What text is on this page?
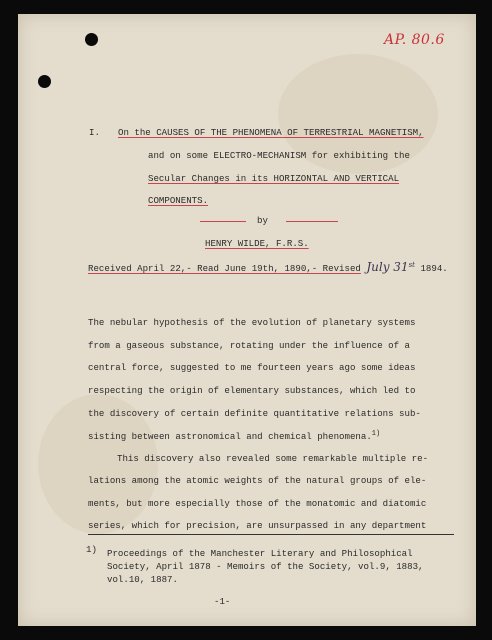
AP. 80.6
I. On the CAUSES OF THE PHENOMENA OF TERRESTRIAL MAGNETISM,
and on some ELECTRO-MECHANISM for exhibiting the
Secular Changes in its HORIZONTAL AND VERTICAL
COMPONENTS.
by
HENRY WILDE, F.R.S.
Received April 22,- Read June 19th, 1890,- Revised July 31st 1894.
The nebular hypothesis of the evolution of planetary systems
from a gaseous substance, rotating under the influence of a
central force, suggested to me fourteen years ago some ideas
respecting the origin of elementary substances, which led to
the discovery of certain definite quantitative relations sub-
sisting between astronomical and chemical phenomena.$^{1)}$
This discovery also revealed some remarkable multiple re-
lations among the atomic weights of the natural groups of ele-
ments, but more especially those of the monatomic and diatomic
series, which for precision, are unsurpassed in any department
1) Proceedings of the Manchester Literary and Philosophical
Society, April 1878 - Memoirs of the Society, vol.9, 1883,
vol.10, 1887.
-1-
